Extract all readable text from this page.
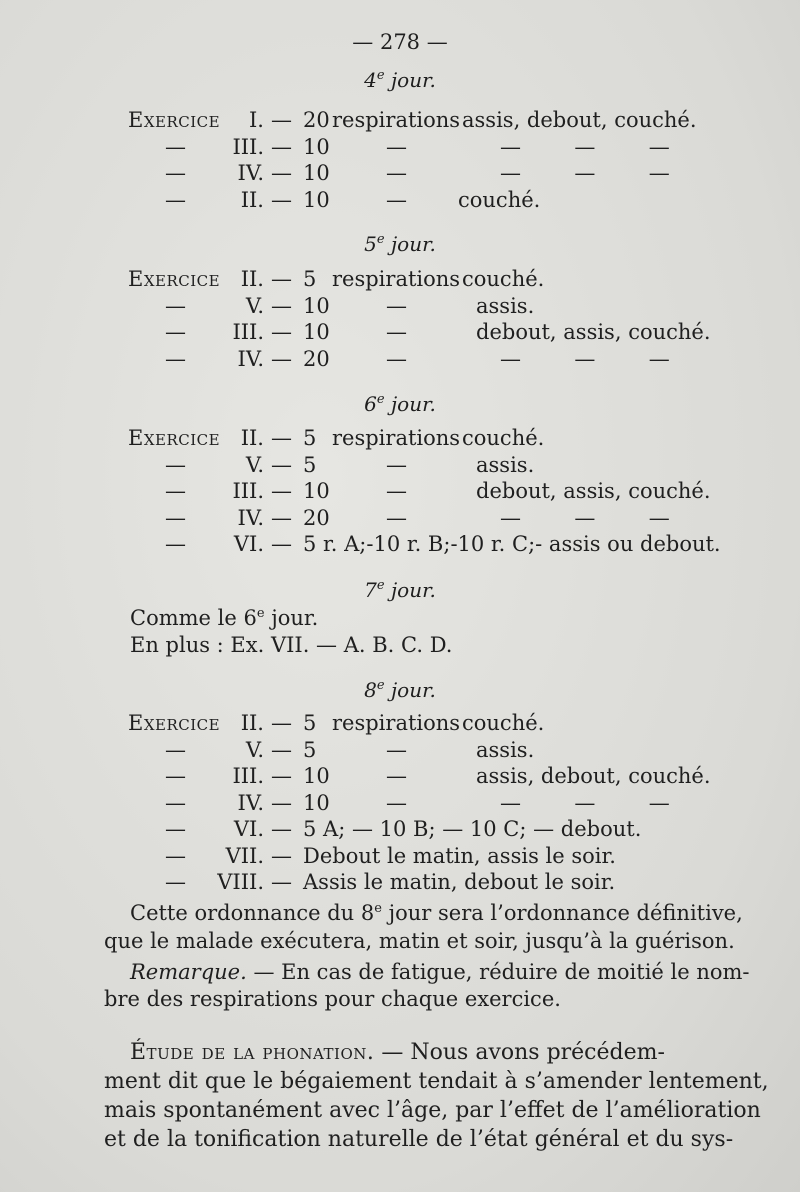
— 278 —
4e jour.
Exercice I. — 20 respirations assis, debout, couché.
— III. — 10	—	—        —        —
— IV. — 10	—	—        —        —
—	II. — 10	— couché.
5e jour.
Exercice II. — 5 respirations couché.
—	V. — 10	—	assis.
— III. — 10	—	debout, assis, couché.
— IV. — 20	—	—        —        —
6e jour.
Exercice II. — 5 respirations couché.
—	V. — 5	—	assis.
— III. — 10	—	debout, assis, couché.
— IV. — 20	—	—        —        —
— VI. — 5 r. A;-10 r. B;-10 r. C;- assis ou debout.
7e jour.
Comme le 6e jour.
En plus : Ex. VII. — A. B. C. D.
8e jour.
Exercice II. — 5 respirations couché.
—	V. — 5	—	assis.
— III. — 10	—	assis, debout, couché.
— IV. — 10	—	—        —        —
— VI. — 5 A; — 10 B; — 10 C; — debout.
— VII. — Debout le matin, assis le soir.
— VIII. — Assis le matin, debout le soir.
Cette ordonnance du 8e jour sera l’ordonnance définitive,
que le malade exécutera, matin et soir, jusqu’à la guérison.
Remarque. — En cas de fatigue, réduire de moitié le nom-
bre des respirations pour chaque exercice.
Étude de la phonation. — Nous avons précédem-
ment dit que le bégaiement tendait à s’amender lentement,
mais spontanément avec l’âge, par l’effet de l’amélioration
et de la tonification naturelle de l’état général et du sys-
